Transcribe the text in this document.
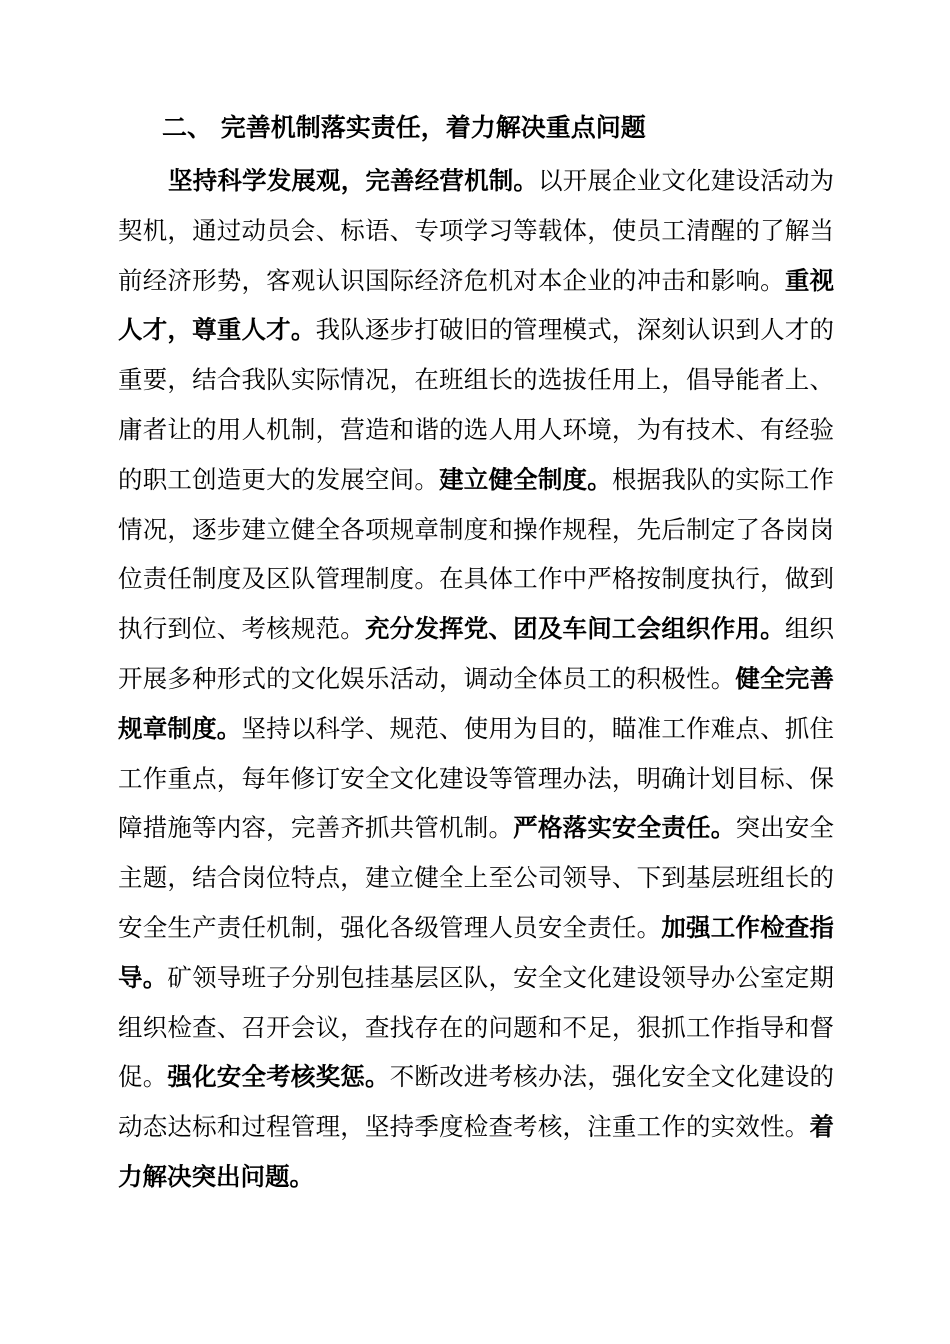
二、 完善机制落实责任，着力解决重点问题

坚持科学发展观，完善经营机制。以开展企业文化建设活动为契机，通过动员会、标语、专项学习等载体，使员工清醒的了解当前经济形势，客观认识国际经济危机对本企业的冲击和影响。重视人才，尊重人才。我队逐步打破旧的管理模式，深刻认识到人才的重要，结合我队实际情况，在班组长的选拔任用上，倡导能者上、庸者让的用人机制，营造和谐的选人用人环境，为有技术、有经验的职工创造更大的发展空间。建立健全制度。根据我队的实际工作情况，逐步建立健全各项规章制度和操作规程，先后制定了各岗岗位责任制度及区队管理制度。在具体工作中严格按制度执行，做到执行到位、考核规范。充分发挥党、团及车间工会组织作用。组织开展多种形式的文化娱乐活动，调动全体员工的积极性。健全完善规章制度。坚持以科学、规范、使用为目的，瞄准工作难点、抓住工作重点，每年修订安全文化建设等管理办法，明确计划目标、保障措施等内容，完善齐抓共管机制。严格落实安全责任。突出安全主题，结合岗位特点，建立健全上至公司领导、下到基层班组长的安全生产责任机制，强化各级管理人员安全责任。加强工作检查指导。矿领导班子分别包挂基层区队，安全文化建设领导办公室定期组织检查、召开会议，查找存在的问题和不足，狠抓工作指导和督促。强化安全考核奖惩。不断改进考核办法，强化安全文化建设的动态达标和过程管理，坚持季度检查考核，注重工作的实效性。着力解决突出问题。
